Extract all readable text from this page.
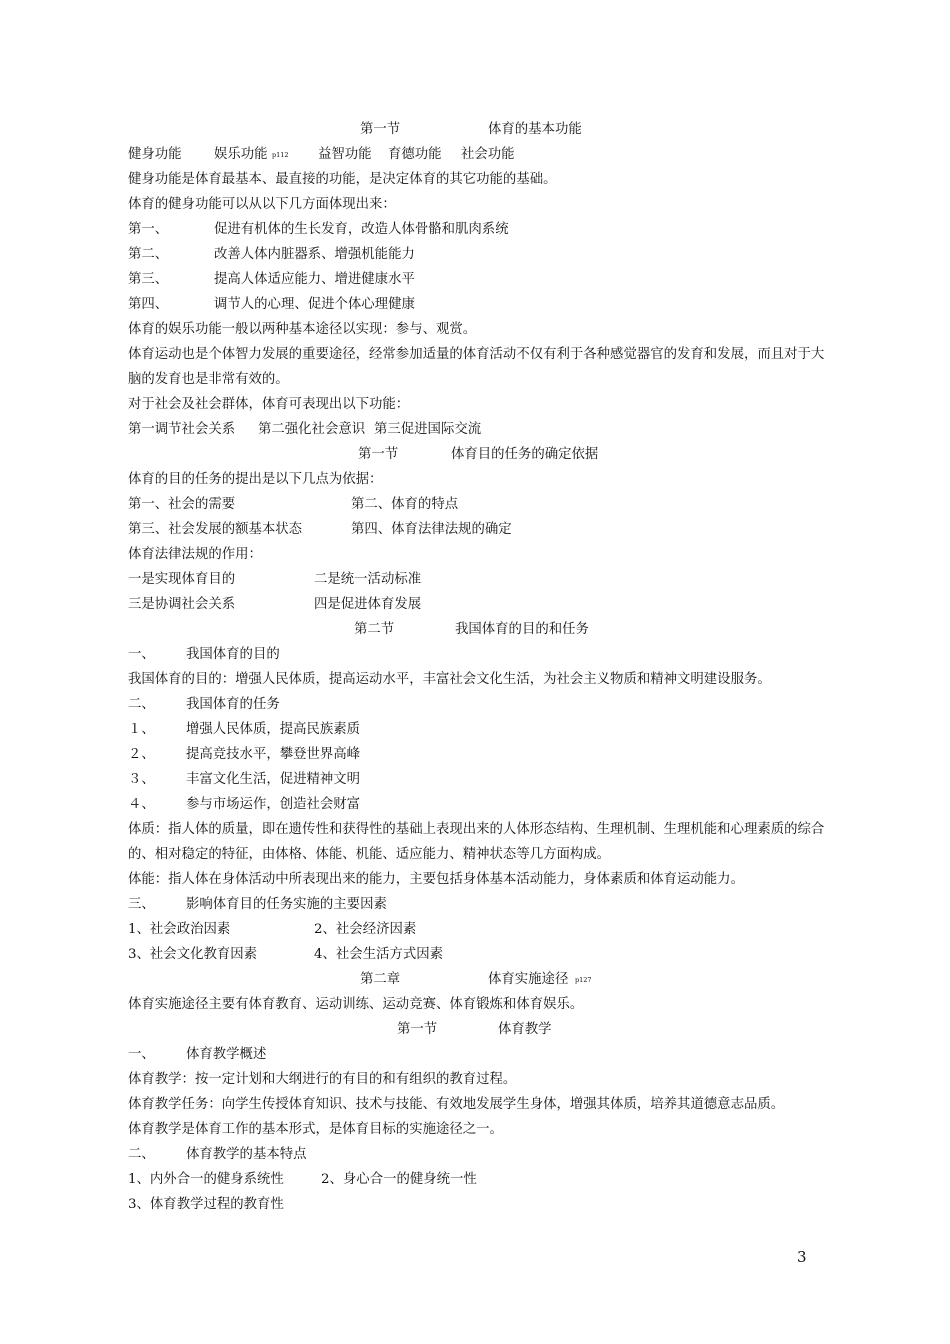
第一节	体育的基本功能
健身功能 娱乐功能 p112 益智功能 育德功能 社会功能
健身功能是体育最基本、最直接的功能，是决定体育的其它功能的基础。
体育的健身功能可以从以下几方面体现出来：
第一、	促进有机体的生长发育，改造人体骨骼和肌肉系统
第二、	改善人体内脏器系、增强机能能力
第三、	提高人体适应能力、增进健康水平
第四、	调节人的心理、促进个体心理健康
体育的娱乐功能一般以两种基本途径以实现：参与、观赏。
体育运动也是个体智力发展的重要途径，经常参加适量的体育活动不仅有利于各种感觉器官的发育和发展，而且对于大脑的发育也是非常有效的。
对于社会及社会群体，体育可表现出以下功能：
第一调节社会关系 第二强化社会意识 第三促进国际交流
第一节	体育目的任务的确定依据
体育的目的任务的提出是以下几点为依据：
第一、社会的需要	第二、体育的特点
第三、社会发展的额基本状态	第四、体育法律法规的确定
体育法律法规的作用：
一是实现体育目的	二是统一活动标准
三是协调社会关系	四是促进体育发展
第二节	我国体育的目的和任务
一、 我国体育的目的
我国体育的目的：增强人民体质，提高运动水平，丰富社会文化生活，为社会主义物质和精神文明建设服务。
二、 我国体育的任务
１、 增强人民体质，提高民族素质
２、 提高竞技水平，攀登世界高峰
３、 丰富文化生活，促进精神文明
４、 参与市场运作，创造社会财富
体质：指人体的质量，即在遗传性和获得性的基础上表现出来的人体形态结构、生理机制、生理机能和心理素质的综合的、相对稳定的特征，由体格、体能、机能、适应能力、精神状态等几方面构成。
体能：指人体在身体活动中所表现出来的能力，主要包括身体基本活动能力，身体素质和体育运动能力。
三、 影响体育目的任务实施的主要因素
1、社会政治因素	2、社会经济因素
3、社会文化教育因素	4、社会生活方式因素
第二章	体育实施途径 p127
体育实施途径主要有体育教育、运动训练、运动竞赛、体育锻炼和体育娱乐。
第一节	体育教学
一、 体育教学概述
体育教学：按一定计划和大纲进行的有目的和有组织的教育过程。
体育教学任务：向学生传授体育知识、技术与技能、有效地发展学生身体，增强其体质，培养其道德意志品质。
体育教学是体育工作的基本形式，是体育目标的实施途径之一。
二、 体育教学的基本特点
1、内外合一的健身系统性	2、身心合一的健身统一性
3、体育教学过程的教育性
3
